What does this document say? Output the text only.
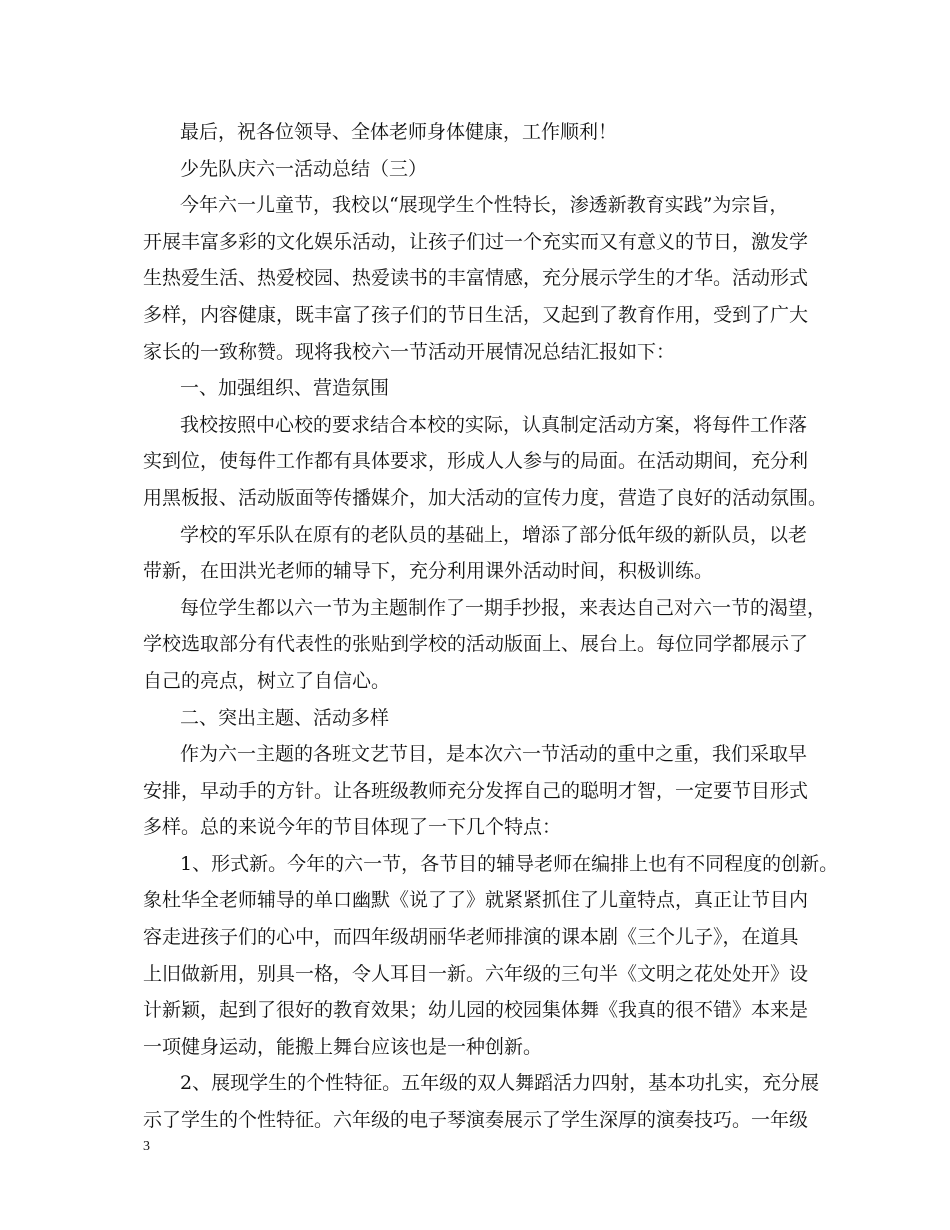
最后，祝各位领导、全体老师身体健康，工作顺利！
少先队庆六一活动总结（三）
今年六一儿童节，我校以“展现学生个性特长，渗透新教育实践”为宗旨，
开展丰富多彩的文化娱乐活动，让孩子们过一个充实而又有意义的节日，激发学
生热爱生活、热爱校园、热爱读书的丰富情感，充分展示学生的才华。活动形式
多样，内容健康，既丰富了孩子们的节日生活，又起到了教育作用，受到了广大
家长的一致称赞。现将我校六一节活动开展情况总结汇报如下：
一、加强组织、营造氛围
我校按照中心校的要求结合本校的实际，认真制定活动方案，将每件工作落
实到位，使每件工作都有具体要求，形成人人参与的局面。在活动期间，充分利
用黑板报、活动版面等传播媒介，加大活动的宣传力度，营造了良好的活动氛围。
学校的军乐队在原有的老队员的基础上，增添了部分低年级的新队员，以老
带新，在田洪光老师的辅导下，充分利用课外活动时间，积极训练。
每位学生都以六一节为主题制作了一期手抄报，来表达自己对六一节的渴望，
学校选取部分有代表性的张贴到学校的活动版面上、展台上。每位同学都展示了
自己的亮点，树立了自信心。
二、突出主题、活动多样
作为六一主题的各班文艺节目，是本次六一节活动的重中之重，我们采取早
安排，早动手的方针。让各班级教师充分发挥自己的聪明才智，一定要节目形式
多样。总的来说今年的节目体现了一下几个特点：
1、形式新。今年的六一节，各节目的辅导老师在编排上也有不同程度的创新。
象杜华全老师辅导的单口幽默《说了了》就紧紧抓住了儿童特点，真正让节目内
容走进孩子们的心中，而四年级胡丽华老师排演的课本剧《三个儿子》，在道具
上旧做新用，别具一格，令人耳目一新。六年级的三句半《文明之花处处开》设
计新颖，起到了很好的教育效果；幼儿园的校园集体舞《我真的很不错》本来是
一项健身运动，能搬上舞台应该也是一种创新。
2、展现学生的个性特征。五年级的双人舞蹈活力四射，基本功扎实，充分展
示了学生的个性特征。六年级的电子琴演奏展示了学生深厚的演奏技巧。一年级
3
